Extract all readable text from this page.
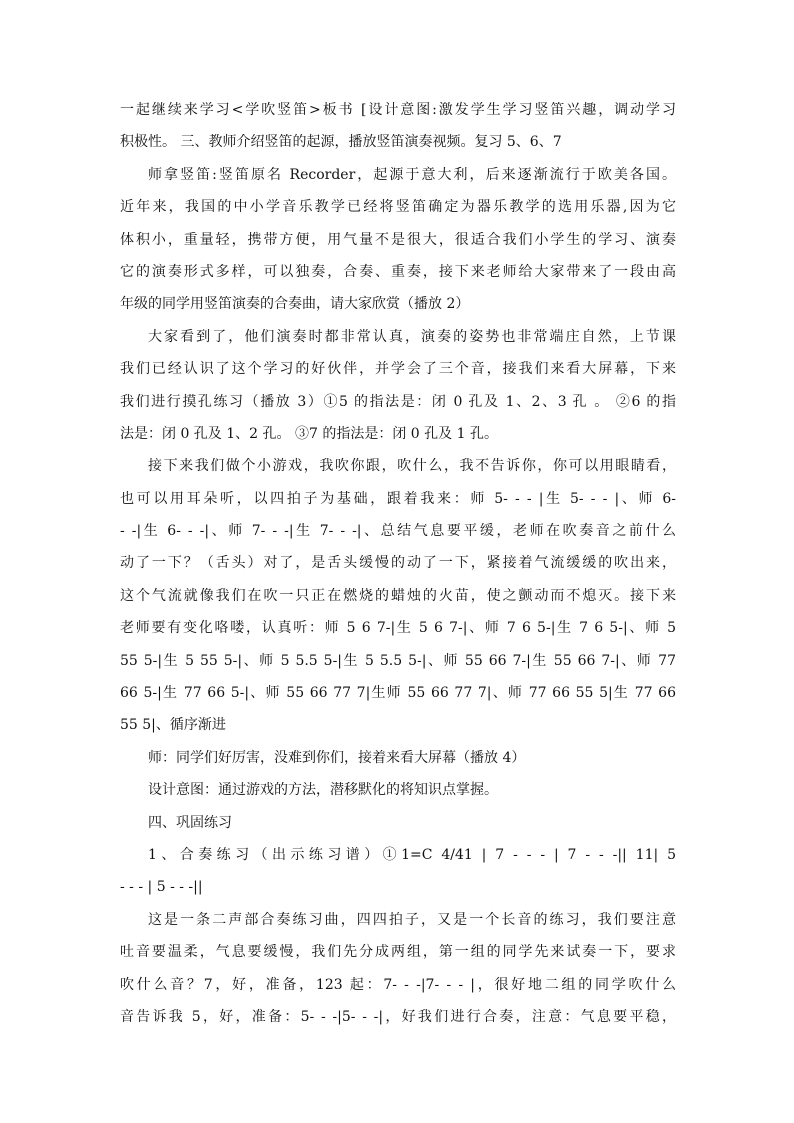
一起继续来学习<学吹竖笛>板书 [设计意图:激发学生学习竖笛兴趣，调动学习
积极性。 三、教师介绍竖笛的起源，播放竖笛演奏视频。复习 5、6、7
师拿竖笛:竖笛原名 Recorder，起源于意大利，后来逐渐流行于欧美各国。
近年来，我国的中小学音乐教学已经将竖笛确定为器乐教学的选用乐器,因为它
体积小，重量轻，携带方便，用气量不是很大，很适合我们小学生的学习、演奏
它的演奏形式多样，可以独奏，合奏、重奏，接下来老师给大家带来了一段由高
年级的同学用竖笛演奏的合奏曲，请大家欣赏（播放 2）
大家看到了，他们演奏时都非常认真，演奏的姿势也非常端庄自然，上节课
我们已经认识了这个学习的好伙伴，并学会了三个音，接我们来看大屏幕，下来
我们进行摸孔练习（播放 3）①5 的指法是：闭 0 孔及 1、2、3 孔 。 ②6 的指
法是：闭 0 孔及 1、2 孔。 ③7 的指法是：闭 0 孔及 1 孔。
接下来我们做个小游戏，我吹你跟，吹什么，我不告诉你，你可以用眼睛看，
也可以用耳朵听，以四拍子为基础，跟着我来：师 5- - - |生 5- - - |、师 6-
- -|生 6- - -|、师 7- - -|生 7- - -|、总结气息要平缓，老师在吹奏音之前什么
动了一下？（舌头）对了，是舌头缓慢的动了一下，紧接着气流缓缓的吹出来，
这个气流就像我们在吹一只正在燃烧的蜡烛的火苗，使之颤动而不熄灭。接下来
老师要有变化咯喽，认真听：师 5 6 7-|生 5 6 7-|、师 7 6 5-|生 7 6 5-|、师 5
55 5-|生 5 55 5-|、师 5 5.5 5-|生 5 5.5 5-|、师 55 66 7-|生 55 66 7-|、师 77
66 5-|生 77 66 5-|、师 55 66 77 7|生师 55 66 77 7|、师 77 66 55 5|生 77 66
55 5|、循序渐进
师：同学们好厉害，没难到你们，接着来看大屏幕（播放 4）
设计意图：通过游戏的方法，潜移默化的将知识点掌握。
四、巩固练习
1、合奏练习（出示练习谱）①1=C 4/41 | 7 - - - | 7 - - -|| 11| 5
- - - | 5 - - -||
这是一条二声部合奏练习曲，四四拍子，又是一个长音的练习，我们要注意
吐音要温柔，气息要缓慢，我们先分成两组，第一组的同学先来试奏一下，要求
吹什么音？7，好，准备，123 起：7- - -|7- - - |，很好地二组的同学吹什么
音告诉我 5，好，准备：5- - -|5- - -|，好我们进行合奏，注意：气息要平稳，
